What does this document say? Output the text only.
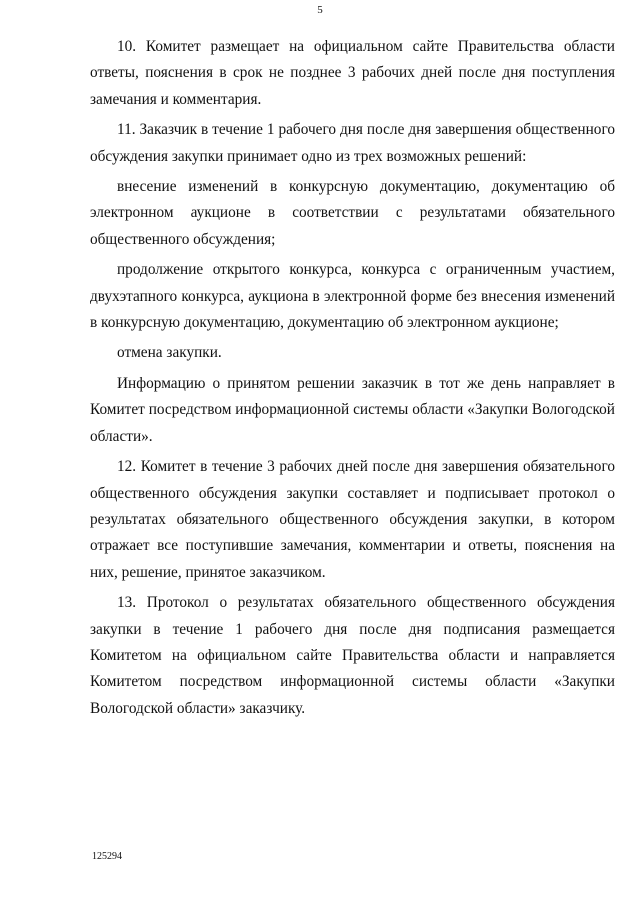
5

10. Комитет размещает на официальном сайте Правительства области ответы, пояснения в срок не позднее 3 рабочих дней после дня поступления замечания и комментария.

11. Заказчик в течение 1 рабочего дня после дня завершения общественного обсуждения закупки принимает одно из трех возможных решений:

внесение изменений в конкурсную документацию, документацию об электронном аукционе в соответствии с результатами обязательного общественного обсуждения;

продолжение открытого конкурса, конкурса с ограниченным участием, двухэтапного конкурса, аукциона в электронной форме без внесения изменений в конкурсную документацию, документацию об электронном аукционе;

отмена закупки.

Информацию о принятом решении заказчик в тот же день направляет в Комитет посредством информационной системы области «Закупки Вологодской области».

12. Комитет в течение 3 рабочих дней после дня завершения обязательного общественного обсуждения закупки составляет и подписывает протокол о результатах обязательного общественного обсуждения закупки, в котором отражает все поступившие замечания, комментарии и ответы, пояснения на них, решение, принятое заказчиком.

13. Протокол о результатах обязательного общественного обсуждения закупки в течение 1 рабочего дня после дня подписания размещается Комитетом на официальном сайте Правительства области и направляется Комитетом посредством информационной системы области «Закупки Вологодской области» заказчику.

125294
